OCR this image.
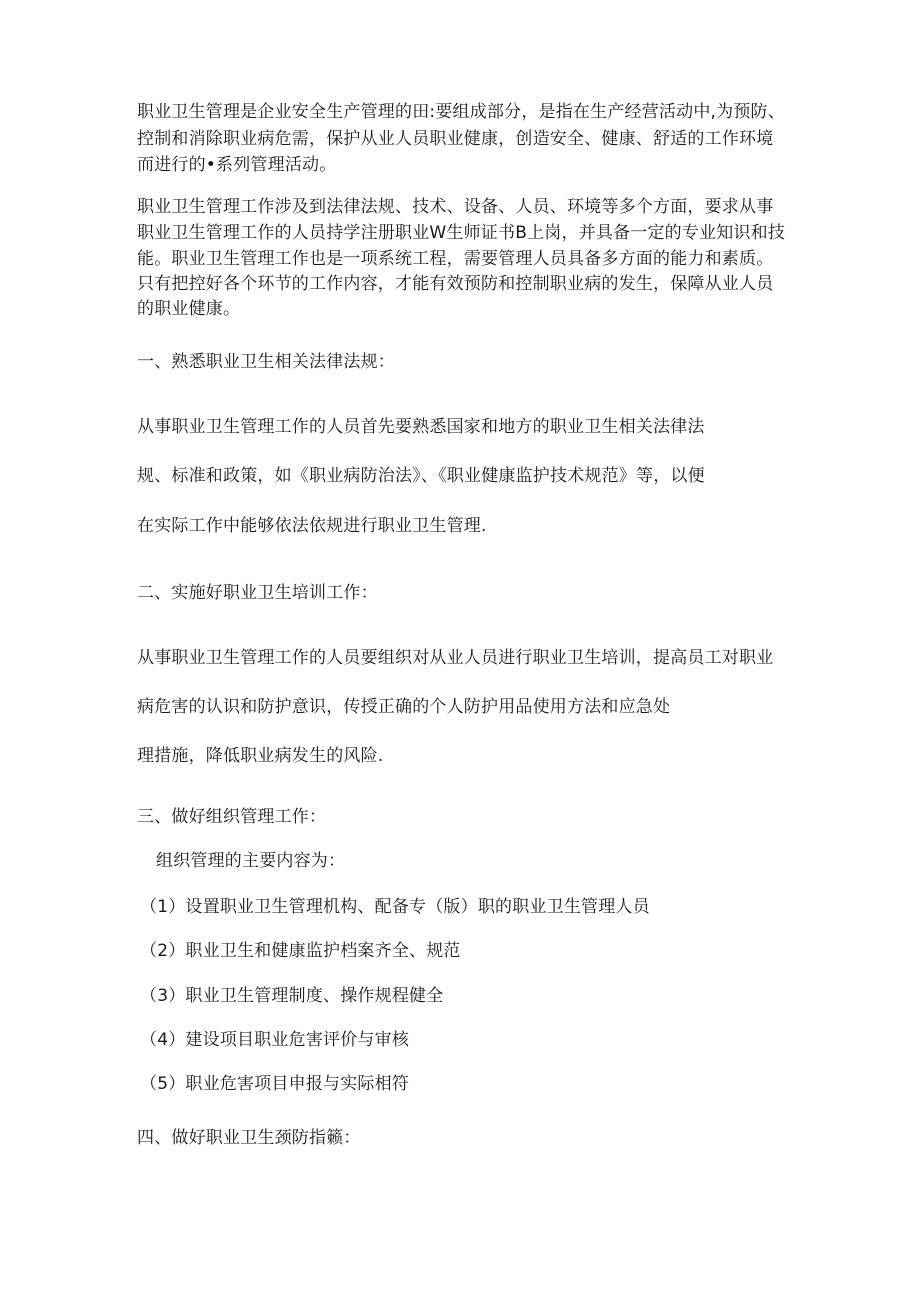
职业卫生管理是企业安全生产管理的田:要组成部分，是指在生产经营活动中,为预防、
控制和消除职业病危需，保护从业人员职业健康，创造安全、健康、舒适的工作环境
而进行的•系列管理活动。
职业卫生管理工作涉及到法律法规、技术、设备、人员、环境等多个方面，要求从事
职业卫生管理工作的人员持学注册职业W生师证书B上岗，并具备一定的专业知识和技
能。职业卫生管理工作也是一项系统工程，需要管理人员具备多方面的能力和素质。
只有把控好各个环节的工作内容，才能有效预防和控制职业病的发生，保障从业人员
的职业健康。
一、熟悉职业卫生相关法律法规：
从事职业卫生管理工作的人员首先要熟悉国家和地方的职业卫生相关法律法
规、标准和政策，如《职业病防治法》、《职业健康监护技术规范》等，以便
在实际工作中能够依法依规进行职业卫生管理.
二、实施好职业卫生培训工作：
从事职业卫生管理工作的人员要组织对从业人员进行职业卫生培训，提高员工对职业
病危害的认识和防护意识，传授正确的个人防护用品使用方法和应急处
理措施，降低职业病发生的风险.
三、做好组织管理工作：
组织管理的主要内容为：
（1）设置职业卫生管理机构、配备专（版）职的职业卫生管理人员
（2）职业卫生和健康监护档案齐全、规范
（3）职业卫生管理制度、操作规程健全
（4）建设项目职业危害评价与审核
（5）职业危害项目申报与实际相符
四、做好职业卫生颈防指籁：
